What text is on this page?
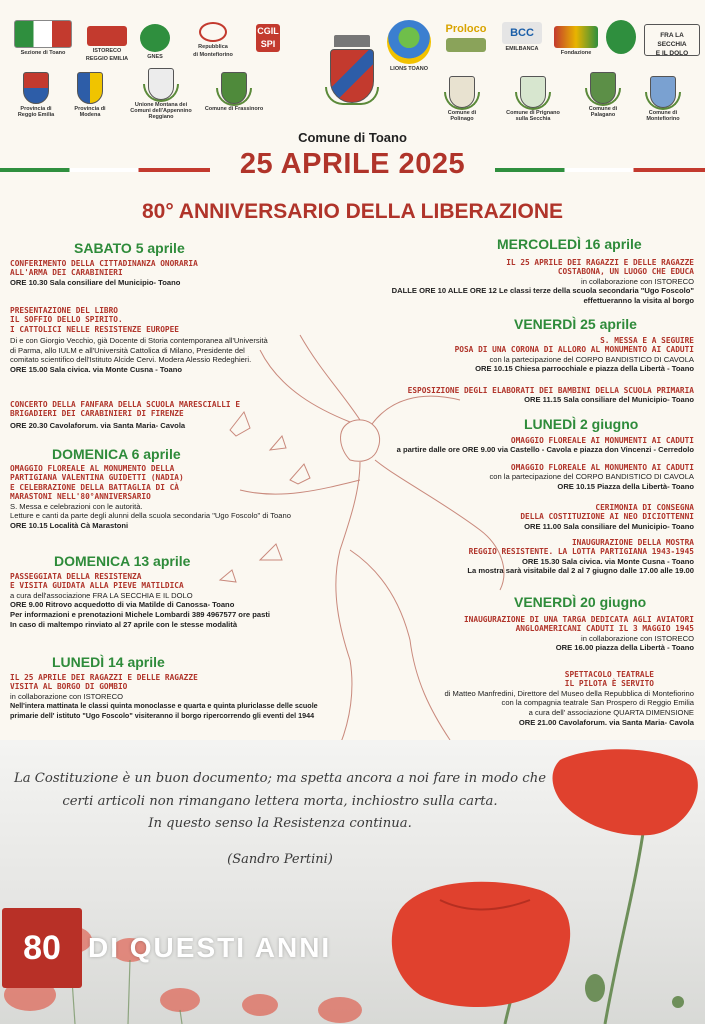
Sezione di Toano	ISTORECO
REGGIO EMILIA	GNES
Repubblica
di Montefiorino
CGIL
SPI
LIONS TOANO
Proloco	BCC
EMILBANCA
Fondazione
FRA LA SECCHIA
E IL DOLO
Provincia di Reggio Emilia
Provincia di Modena
Unione Montana dei Comuni dell'Appennino Reggiano
Comune di Frassinoro
Comune di Polinago
Comune di Prignano sulla Secchia
Comune di Palagano	Comune di Montefiorino
Comune di Toano
25 APRILE 2025
80° ANNIVERSARIO DELLA LIBERAZIONE
SABATO 5 aprile
CONFERIMENTO DELLA CITTADINANZA ONORARIA
ALL'ARMA DEI CARABINIERI
ORE 10.30 Sala consiliare del Municipio- Toano
PRESENTAZIONE DEL LIBRO
IL SOFFIO DELLO SPIRITO.
I CATTOLICI NELLE RESISTENZE EUROPEE
Di e con Giorgio Vecchio, già Docente di Storia contemporanea all'Università
di Parma, allo IULM e all'Università Cattolica di Milano, Presidente del
comitato scientifico dell'Istituto Alcide Cervi. Modera Alessio Redeghieri.
ORE 15.00 Sala civica. via Monte Cusna - Toano
CONCERTO DELLA FANFARA DELLA SCUOLA MARESCIALLI E
BRIGADIERI DEI CARABINIERI DI FIRENZE
ORE 20.30 Cavolaforum. via Santa Maria- Cavola
DOMENICA 6 aprile
OMAGGIO FLOREALE AL MONUMENTO DELLA
PARTIGIANA VALENTINA GUIDETTI (NADIA)
E CELEBRAZIONE DELLA BATTAGLIA DI CÀ
MARASTONI NELL'80°ANNIVERSARIO
S. Messa e celebrazioni con le autorità.
Letture e canti da parte degli alunni della scuola secondaria "Ugo Foscolo" di Toano
ORE 10.15 Località Cà Marastoni
DOMENICA 13 aprile
PASSEGGIATA DELLA RESISTENZA
E VISITA GUIDATA ALLA PIEVE MATILDICA
a cura dell'associazione FRA LA SECCHIA E IL DOLO
ORE 9.00 Ritrovo acquedotto di via Matilde di Canossa- Toano
Per informazioni e prenotazioni Michele Lombardi 389 4967577 ore pasti
In caso di maltempo rinviato al 27 aprile con le stesse modalità
LUNEDÌ 14 aprile
IL 25 APRILE DEI RAGAZZI E DELLE RAGAZZE
VISITA AL BORGO DI GOMBIO
in collaborazione con ISTORECO
Nell'intera mattinata le classi quinta monoclasse e quarta e quinta pluriclasse delle scuole
primarie dell' istituto "Ugo Foscolo" visiteranno il borgo ripercorrendo gli eventi del 1944
MERCOLEDÌ 16 aprile
IL 25 APRILE DEI RAGAZZI E DELLE RAGAZZE
COSTABONA, UN LUOGO CHE EDUCA
in collaborazione con ISTORECO
DALLE ORE 10 ALLE ORE 12 Le classi terze della scuola secondaria "Ugo Foscolo"
effettueranno la visita al borgo
VENERDÌ 25 aprile
S. MESSA E A SEGUIRE
POSA DI UNA CORONA DI ALLORO AL MONUMENTO AI CADUTI
con la partecipazione del CORPO BANDISTICO DI CAVOLA
ORE 10.15 Chiesa parrocchiale e piazza della Libertà - Toano
ESPOSIZIONE DEGLI ELABORATI DEI BAMBINI DELLA SCUOLA PRIMARIA
ORE 11.15 Sala consiliare del Municipio- Toano
LUNEDÌ 2 giugno
OMAGGIO FLOREALE AI MONUMENTI AI CADUTI
a partire dalle ore ORE 9.00 via Castello - Cavola e piazza don Vincenzi - Cerredolo
OMAGGIO FLOREALE AL MONUMENTO AI CADUTI
con la partecipazione del CORPO BANDISTICO DI CAVOLA
ORE 10.15 Piazza della Libertà- Toano
CERIMONIA DI CONSEGNA
DELLA COSTITUZIONE AI NEO DICIOTTENNI
ORE 11.00 Sala consiliare del Municipio- Toano
INAUGURAZIONE DELLA MOSTRA
REGGIO RESISTENTE. LA LOTTA PARTIGIANA 1943-1945
ORE 15.30 Sala civica. via Monte Cusna - Toano
La mostra sarà visitabile dal 2 al 7 giugno dalle 17.00 alle 19.00
VENERDÌ 20 giugno
INAUGURAZIONE DI UNA TARGA DEDICATA AGLI AVIATORI
ANGLOAMERICANI CADUTI IL 3 MAGGIO 1945
in collaborazione con ISTORECO
ORE 16.00 piazza della Libertà - Toano
SPETTACOLO TEATRALE
IL PILOTA È SERVITO
di Matteo Manfredini, Direttore del Museo della Repubblica di Montefiorino
con la compagnia teatrale San Prospero di Reggio Emilia
a cura dell' associazione QUARTA DIMENSIONE
ORE 21.00 Cavolaforum. via Santa Maria- Cavola
La Costituzione è un buon documento; ma spetta ancora a noi fare in modo che
certi articoli non rimangano lettera morta, inchiostro sulla carta.
In questo senso la Resistenza continua.
(Sandro Pertini)
80 DI QUESTI ANNI
